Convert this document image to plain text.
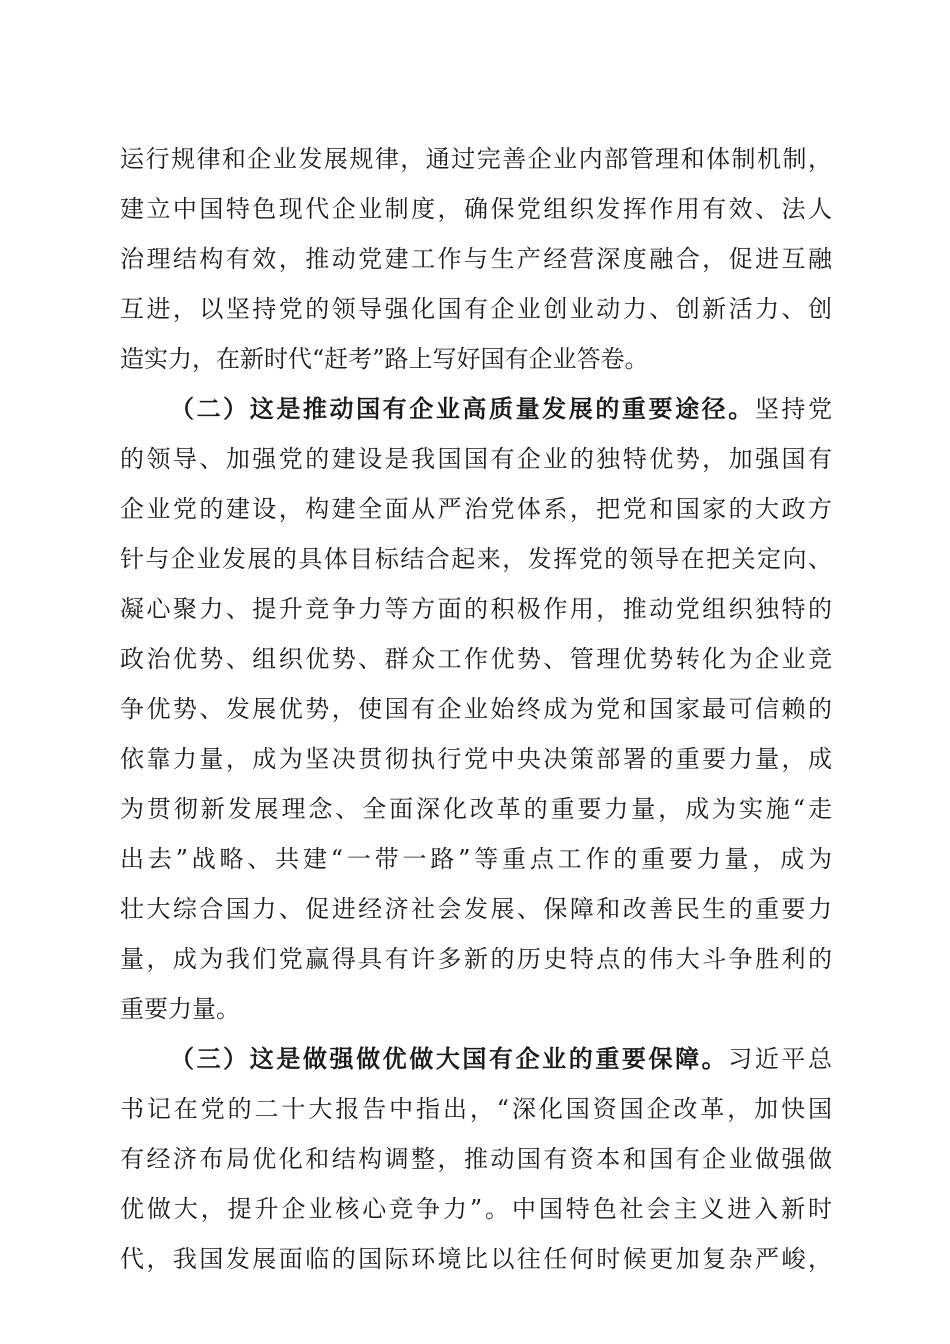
运行规律和企业发展规律，通过完善企业内部管理和体制机制，
建立中国特色现代企业制度，确保党组织发挥作用有效、法人
治理结构有效，推动党建工作与生产经营深度融合，促进互融
互进，以坚持党的领导强化国有企业创业动力、创新活力、创
造实力，在新时代“赶考”路上写好国有企业答卷。
（二）这是推动国有企业高质量发展的重要途径。坚持党
的领导、加强党的建设是我国国有企业的独特优势，加强国有
企业党的建设，构建全面从严治党体系，把党和国家的大政方
针与企业发展的具体目标结合起来，发挥党的领导在把关定向、
凝心聚力、提升竞争力等方面的积极作用，推动党组织独特的
政治优势、组织优势、群众工作优势、管理优势转化为企业竞
争优势、发展优势，使国有企业始终成为党和国家最可信赖的
依靠力量，成为坚决贯彻执行党中央决策部署的重要力量，成
为贯彻新发展理念、全面深化改革的重要力量，成为实施“走
出去”战略、共建“一带一路”等重点工作的重要力量，成为
壮大综合国力、促进经济社会发展、保障和改善民生的重要力
量，成为我们党赢得具有许多新的历史特点的伟大斗争胜利的
重要力量。
（三）这是做强做优做大国有企业的重要保障。习近平总
书记在党的二十大报告中指出，“深化国资国企改革，加快国
有经济布局优化和结构调整，推动国有资本和国有企业做强做
优做大，提升企业核心竞争力”。中国特色社会主义进入新时
代，我国发展面临的国际环境比以往任何时候更加复杂严峻，
